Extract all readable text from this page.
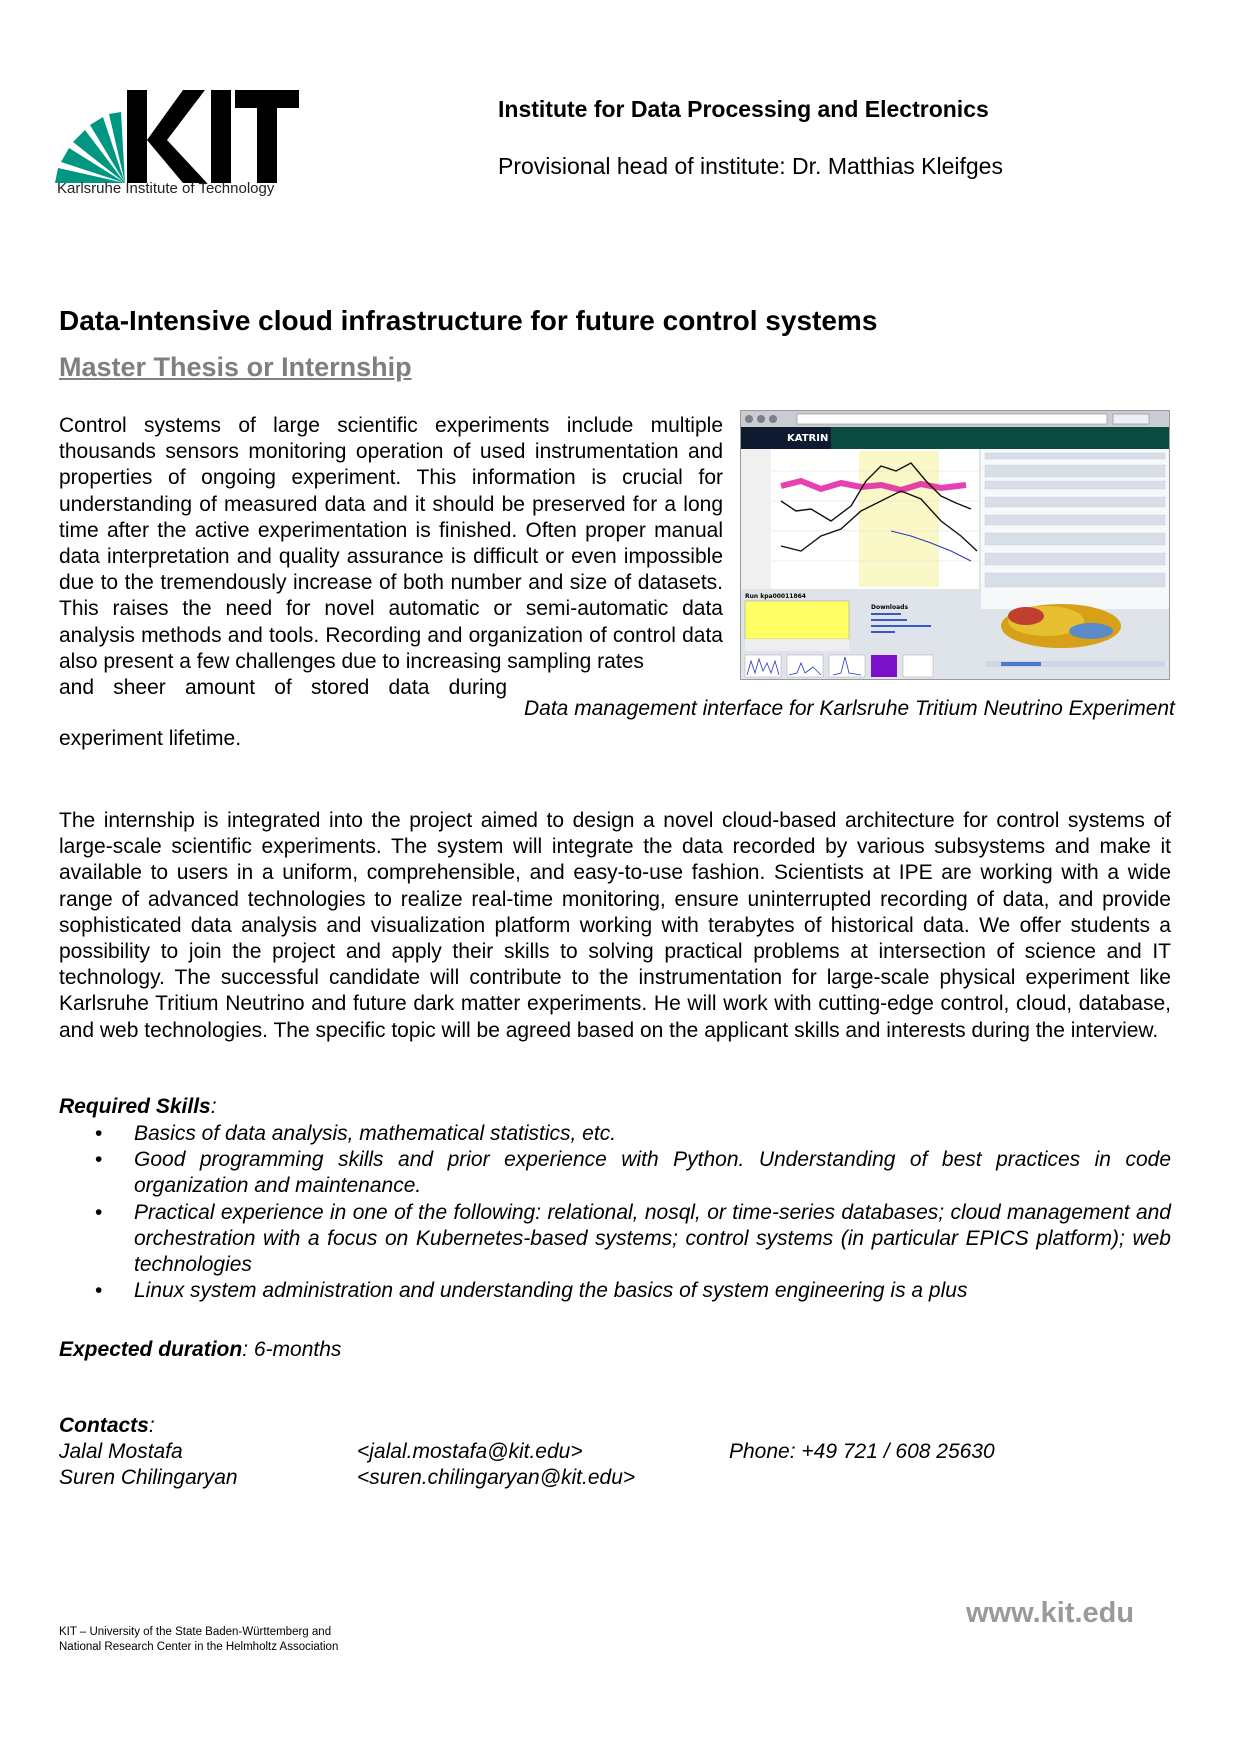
Karlsruhe Institute of Technology
Institute for Data Processing and Electronics
Provisional head of institute: Dr. Matthias Kleifges
Data-Intensive cloud infrastructure for future control systems
Master Thesis or Internship
Control systems of large scientific experiments include multiple thousands sensors monitoring operation of used instrumentation and properties of ongoing experiment. This information is crucial for understanding of measured data and it should be preserved for a long time after the active experimentation is finished. Often proper manual data interpretation and quality assurance is difficult or even impossible due to the tremendously increase of both number and size of datasets. This raises the need for novel automatic or semi-automatic data analysis methods and tools. Recording and organization of control data also present a few challenges due to increasing sampling rates
and sheer amount of stored data during
experiment lifetime.
KATRIN
Run kpa00011864
Downloads
Data management interface for Karlsruhe Tritium Neutrino Experiment
The internship is integrated into the project aimed to design a novel cloud-based architecture for control systems of large-scale scientific experiments. The system will integrate the data recorded by various subsystems and make it available to users in a uniform, comprehensible, and easy-to-use fashion. Scientists at IPE are working with a wide range of advanced technologies to realize real-time monitoring, ensure uninterrupted recording of data, and provide sophisticated data analysis and visualization platform working with terabytes of historical data. We offer students a possibility to join the project and apply their skills to solving practical problems at intersection of science and IT technology. The successful candidate will contribute to the instrumentation for large-scale physical experiment like Karlsruhe Tritium Neutrino and future dark matter experiments. He will work with cutting-edge control, cloud, database, and web technologies. The specific topic will be agreed based on the applicant skills and interests during the interview.
Required Skills:
• Basics of data analysis, mathematical statistics, etc.
• Good programming skills and prior experience with Python. Understanding of best practices in code organization and maintenance.
• Practical experience in one of the following: relational, nosql, or time-series databases; cloud management and orchestration with a focus on Kubernetes-based systems; control systems (in particular EPICS platform); web technologies
• Linux system administration and understanding the basics of system engineering is a plus
Expected duration: 6-months
Contacts:
Jalal Mostafa	<jalal.mostafa@kit.edu>	Phone: +49 721 / 608 25630
Suren Chilingaryan	<suren.chilingaryan@kit.edu>
www.kit.edu
KIT – University of the State Baden-Württemberg and
National Research Center in the Helmholtz Association
